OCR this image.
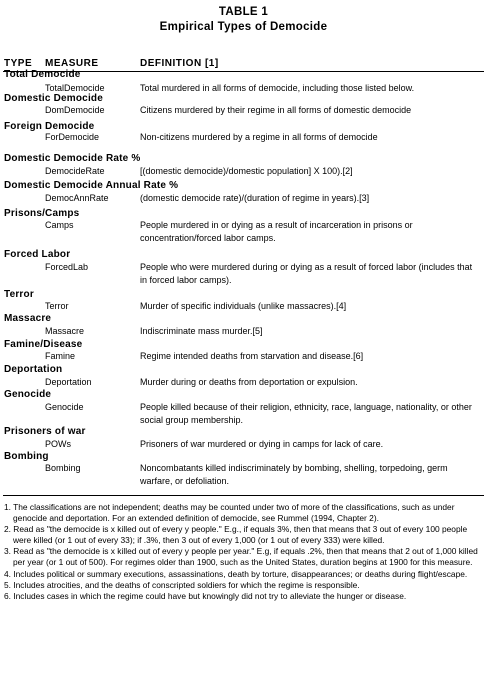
TABLE 1
Empirical Types of Democide
TYPE MEASURE	DEFINITION [1]
Total Democide
TotalDemocide	Total murdered in all forms of democide, including those listed below.
Domestic Democide
DomDemocide	Citizens murdered by their regime in all forms of domestic democide
Foreign Democide
ForDemocide	Non-citizens murdered by a regime in all forms of democide
Domestic Democide Rate %
DemocideRate	[(domestic democide)/domestic population] X 100).[2]
Domestic Democide Annual Rate %
DemocAnnRate	(domestic democide rate)/(duration of regime in years).[3]
Prisons/Camps
Camps	People murdered in or dying as a result of incarceration in prisons or concentration/forced labor camps.
Forced Labor
ForcedLab	People who were murdered during or dying as a result of forced labor (includes that in forced labor camps).
Terror
Terror	Murder of specific individuals (unlike massacres).[4]
Massacre
Massacre	Indiscriminate mass murder.[5]
Famine/Disease
Famine	Regime intended deaths from starvation and disease.[6]
Deportation
Deportation	Murder during or deaths from deportation or expulsion.
Genocide
Genocide	People killed because of their religion, ethnicity, race, language, nationality, or other social group membership.
Prisoners of war
POWs	Prisoners of war murdered or dying in camps for lack of care.
Bombing
Bombing	Noncombatants killed indiscriminately by bombing, shelling, torpedoing, germ warfare, or defoliation.

1. The classifications are not independent; deaths may be counted under two of more of the classifications, such as under genocide and deportation. For an extended definition of democide, see Rummel (1994, Chapter 2).

2. Read as "the democide is x killed out of every y people." E.g., if equals 3%, then that means that 3 out of every 100 people were killed (or 1 out of every 33); if .3%, then 3 out of every 1,000 (or 1 out of every 333) were killed.

3. Read as "the democide is x killed out of every y people per year." E.g, if equals .2%, then that means that 2 out of 1,000 killed per year (or 1 out of 500). For regimes older than 1900, such as the United States, duration begins at 1900 for this measure.

4. Includes political or summary executions, assassinations, death by torture, disappearances; or deaths during flight/escape.

5. Includes atrocities, and the deaths of conscripted soldiers for which the regime is responsible.

6. Includes cases in which the regime could have but knowingly did not try to alleviate the hunger or disease.
